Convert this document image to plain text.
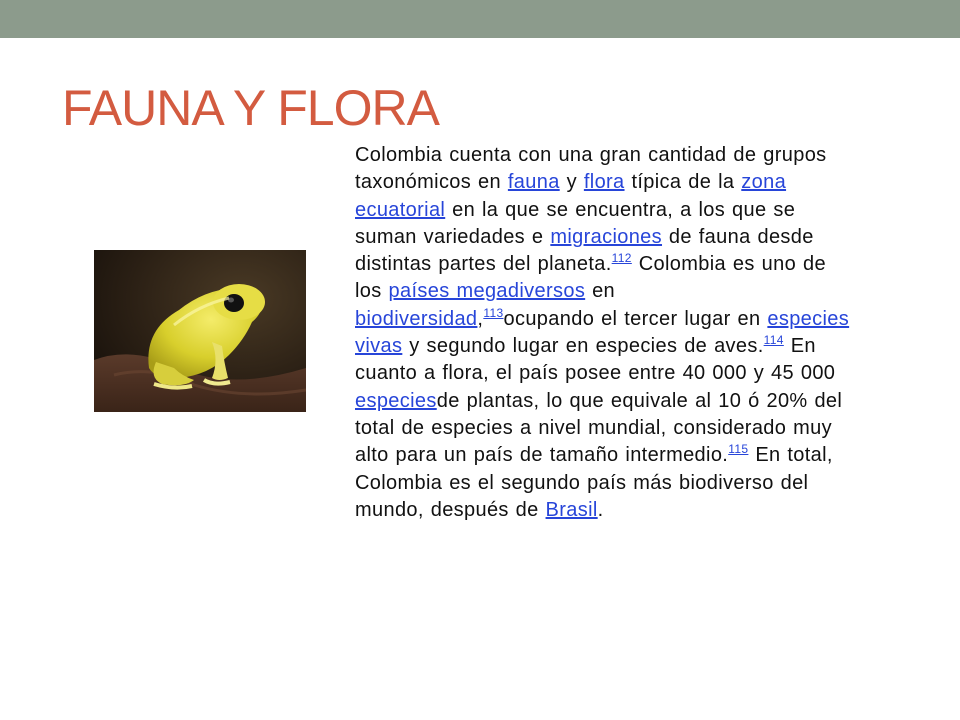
FAUNA Y FLORA

Colombia cuenta con una gran cantidad de grupos taxonómicos en fauna y flora típica de la zona ecuatorial en la que se encuentra, a los que se suman variedades e migraciones de fauna desde distintas partes del planeta.$^{112}$ Colombia es uno de los países megadiversos en biodiversidad,$^{113}$ocupando el tercer lugar en especies vivas y segundo lugar en especies de aves.$^{114}$ En cuanto a flora, el país posee entre 40 000 y 45 000 especiesde plantas, lo que equivale al 10 ó 20% del total de especies a nivel mundial, considerado muy alto para un país de tamaño intermedio.$^{115}$ En total, Colombia es el segundo país más biodiverso del mundo, después de Brasil.
